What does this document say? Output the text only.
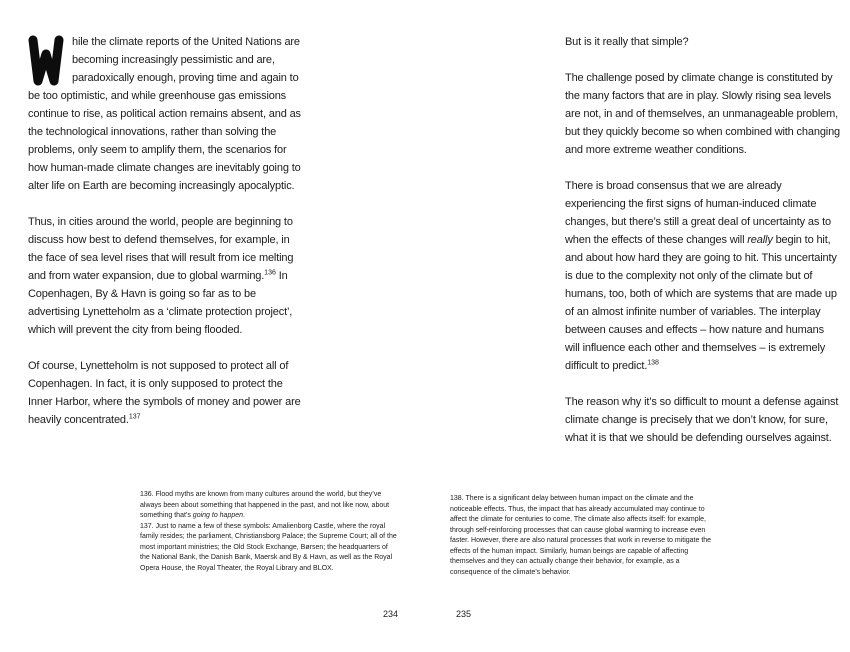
hile the climate reports of the United Nations are becoming increasingly pessimistic and are, paradoxically enough, proving time and again to be too optimistic, and while greenhouse gas emissions continue to rise, as political action remains absent, and as the technological innovations, rather than solving the problems, only seem to amplify them, the scenarios for how human-made climate changes are inevitably going to alter life on Earth are becoming increasingly apocalyptic.

Thus, in cities around the world, people are beginning to discuss how best to defend themselves, for example, in the face of sea level rises that will result from ice melting and from water expansion, due to global warming.$^{136}$ In Copenhagen, By & Havn is going so far as to be advertising Lynetteholm as a ‘climate protection project’, which will prevent the city from being flooded.

Of course, Lynetteholm is not supposed to protect all of Copenhagen. In fact, it is only supposed to protect the Inner Harbor, where the symbols of money and power are heavily concentrated.$^{137}$

136. Flood myths are known from many cultures around the world, but they’ve always been about something that happened in the past, and not like now, about something that’s going to happen.

137. Just to name a few of these symbols: Amalienborg Castle, where the royal family resides; the parliament, Christiansborg Palace; the Supreme Court; all of the most important ministries; the Old Stock Exchange, Børsen; the headquarters of the National Bank, the Danish Bank, Maersk and By & Havn, as well as the Royal Opera House, the Royal Theater, the Royal Library and BLOX.

234

But is it really that simple?

The challenge posed by climate change is constituted by the many factors that are in play. Slowly rising sea levels are not, in and of themselves, an unmanageable problem, but they quickly become so when combined with changing and more extreme weather conditions.

There is broad consensus that we are already experiencing the first signs of human-induced climate changes, but there’s still a great deal of uncertainty as to when the effects of these changes will really begin to hit, and about how hard they are going to hit. This uncertainty is due to the complexity not only of the climate but of humans, too, both of which are systems that are made up of an almost infinite number of variables. The interplay between causes and effects – how nature and humans will influence each other and themselves – is extremely difficult to predict.$^{138}$

The reason why it’s so difficult to mount a defense against climate change is precisely that we don’t know, for sure, what it is that we should be defending ourselves against.

138. There is a significant delay between human impact on the climate and the noticeable effects. Thus, the impact that has already accumulated may continue to affect the climate for centuries to come. The climate also affects itself: for example, through self-reinforcing processes that can cause global warming to increase even faster. However, there are also natural processes that work in reverse to mitigate the effects of the human impact. Similarly, human beings are capable of affecting themselves and they can actually change their behavior, for example, as a consequence of the climate’s behavior.

235
